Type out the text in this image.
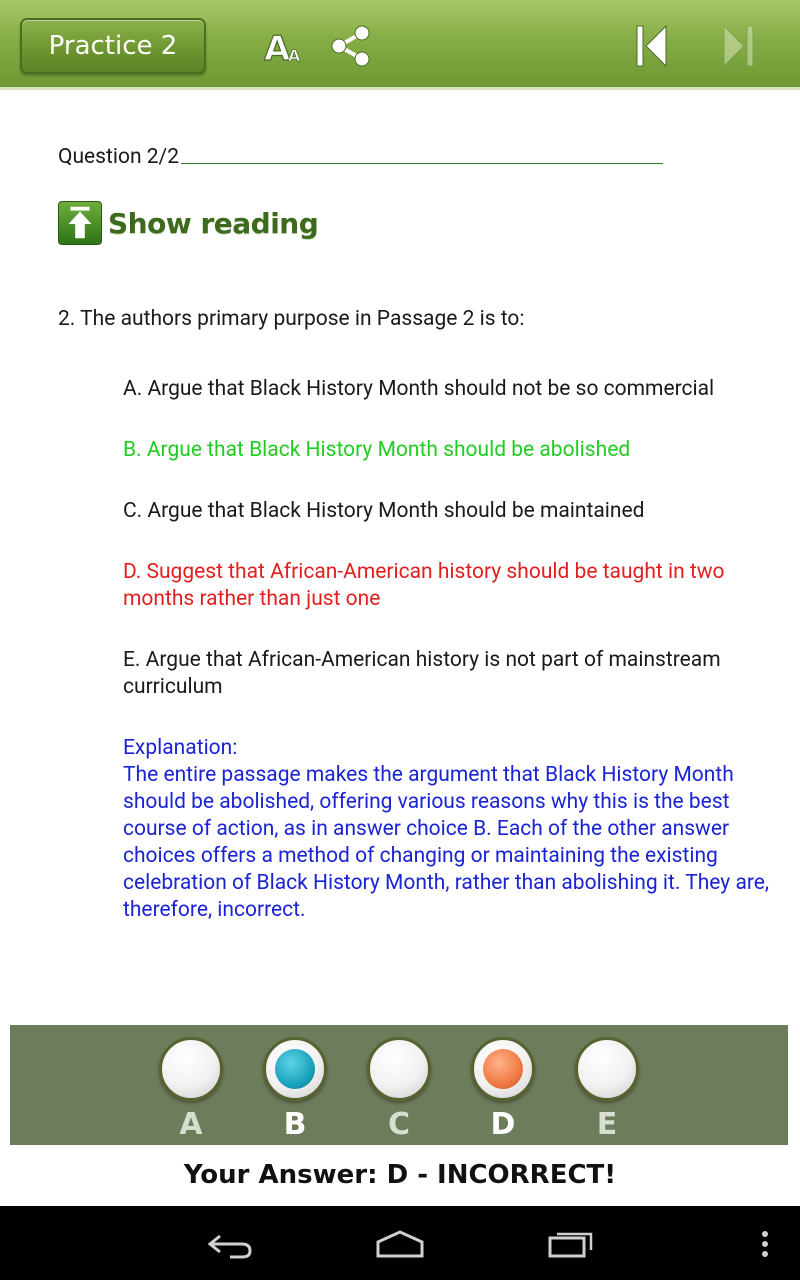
Practice 2	A
A
Question 2/2
Show reading
2. The authors primary purpose in Passage 2 is to:
A. Argue that Black History Month should not be so commercial
B. Argue that Black History Month should be abolished
C. Argue that Black History Month should be maintained
D. Suggest that African-American history should be taught in two months rather than just one
E. Argue that African-American history is not part of mainstream curriculum
Explanation:
The entire passage makes the argument that Black History Month should be abolished, offering various reasons why this is the best course of action, as in answer choice B. Each of the other answer choices offers a method of changing or maintaining the existing celebration of Black History Month, rather than abolishing it. They are, therefore, incorrect.
A	B	C	D	E
Your Answer: D - INCORRECT!
